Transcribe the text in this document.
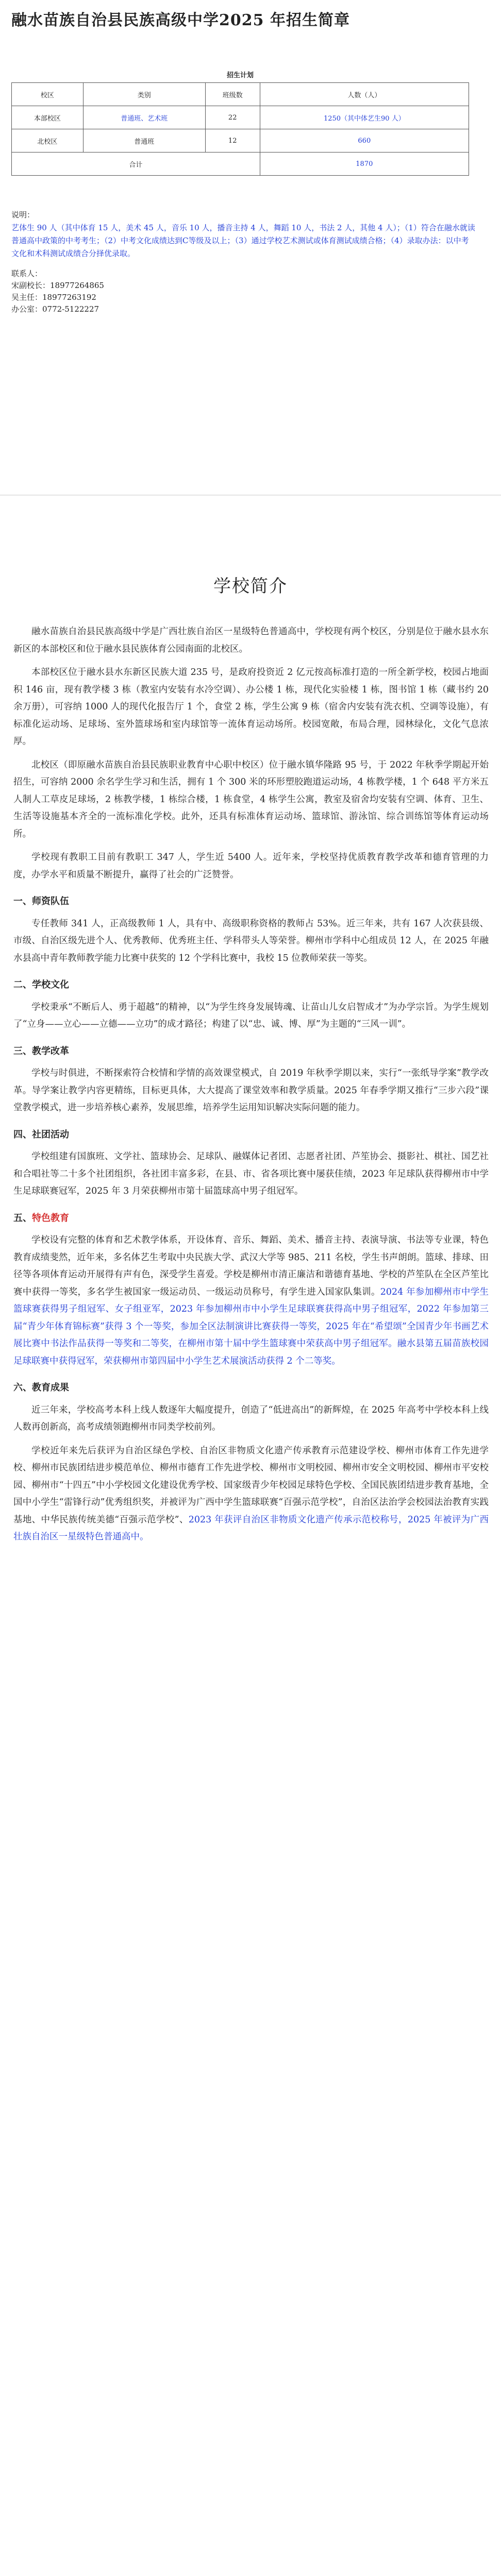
融水苗族自治县民族高级中学2025 年招生简章
招生计划
校区	类别	班级数	人数（人）
本部校区	普通班、艺术班	22	1250（其中体艺生90 人）
北校区	普通班	12	660
合计			1870

说明：

艺体生 90 人（其中体育 15 人，美术 45 人，音乐 10 人，播音主持 4 人，舞蹈 10 人，书法 2 人，其他 4 人）；（1）符合在融水就读普通高中政策的中考考生；（2）中考文化成绩达到C等级及以上；（3）通过学校艺术测试或体育测试成绩合格；（4）录取办法：以中考文化和术科测试成绩合分择优录取。

联系人：

宋副校长：18977264865

吴主任：18977263192

办公室：0772-5122227

学校简介

融水苗族自治县民族高级中学是广西壮族自治区一星级特色普通高中，学校现有两个校区，分别是位于融水县水东新区的本部校区和位于融水县民族体育公园南面的北校区。

本部校区位于融水县水东新区民族大道 235 号，是政府投资近 2 亿元按高标准打造的一所全新学校，校园占地面积 146 亩，现有教学楼 3 栋（教室内安装有水冷空调）、办公楼 1 栋，现代化实验楼 1 栋，图书馆 1 栋（藏书约 20 余万册），可容纳 1000 人的现代化报告厅 1 个，食堂 2 栋，学生公寓 9 栋（宿舍内安装有洗衣机、空调等设施），有标准化运动场、足球场、室外篮球场和室内球馆等一流体育运动场所。校园宽敞，布局合理，园林绿化，文化气息浓厚。

北校区（即原融水苗族自治县民族职业教育中心职中校区）位于融水镇华隆路 95 号，于 2022 年秋季学期起开始招生，可容纳 2000 余名学生学习和生活，拥有 1 个 300 米的环形塑胶跑道运动场，4 栋教学楼，1 个 648 平方米五人制人工草皮足球场，2 栋教学楼，1 栋综合楼，1 栋食堂，4 栋学生公寓，教室及宿舍均安装有空调、体育、卫生、生活等设施基本齐全的一流标准化学校。此外，还具有标准体育运动场、篮球馆、游泳馆、综合训练馆等体育运动场所。

学校现有教职工目前有教职工 347 人，学生近 5400 人。近年来，学校坚持优质教育教学改革和德育管理的力度，办学水平和质量不断提升，赢得了社会的广泛赞誉。

一、师资队伍

专任教师 341 人，正高级教师 1 人，具有中、高级职称资格的教师占 53%。近三年来，共有 167 人次获县级、市级、自治区级先进个人、优秀教师、优秀班主任、学科带头人等荣誉。柳州市学科中心组成员 12 人，在 2025 年融水县高中青年教师教学能力比赛中获奖的 12 个学科比赛中，我校 15 位教师荣获一等奖。

二、学校文化

学校秉承“不断后人、勇于超越”的精神，以“为学生终身发展铸魂、让苗山儿女启智成才”为办学宗旨。为学生规划了“立身——立心——立德——立功”的成才路径；构建了以“忠、诚、博、厚”为主题的“三风一训”。

三、教学改革

学校与时俱进，不断探索符合校情和学情的高效课堂模式，自 2019 年秋季学期以来，实行“一张纸导学案”教学改革。导学案让教学内容更精练，目标更具体，大大提高了课堂效率和教学质量。2025 年春季学期又推行“三步六段”课堂教学模式，进一步培养核心素养，发展思维，培养学生运用知识解决实际问题的能力。

四、社团活动

学校组建有国旗班、文学社、篮球协会、足球队、融媒体记者团、志愿者社团、芦笙协会、摄影社、棋社、国艺社和合唱社等二十多个社团组织，各社团丰富多彩，在县、市、省各项比赛中屡获佳绩，2023 年足球队获得柳州市中学生足球联赛冠军，2025 年 3 月荣获柳州市第十届篮球高中男子组冠军。

五、特色教育

学校设有完整的体育和艺术教学体系，开设体育、音乐、舞蹈、美术、播音主持、表演导演、书法等专业课，特色教育成绩斐然，近年来，多名体艺生考取中央民族大学、武汉大学等 985、211 名校，学生书声朗朗。篮球、排球、田径等各项体育运动开展得有声有色，深受学生喜爱。学校是柳州市清正廉洁和谐德育基地、学校的芦笙队在全区芦笙比赛中获得一等奖，多名学生被国家一级运动员、一级运动员称号，有学生进入国家队集训。2024 年参加柳州市中学生篮球赛获得男子组冠军、女子组亚军，2023 年参加柳州市中小学生足球联赛获得高中男子组冠军，2022 年参加第三届“青少年体育锦标赛”获得 3 个一等奖，参加全区法制演讲比赛获得一等奖，2025 年在“希望颂”全国青少年书画艺术展比赛中书法作品获得一等奖和二等奖，在柳州市第十届中学生篮球赛中荣获高中男子组冠军。融水县第五届苗族校园足球联赛中获得冠军，荣获柳州市第四届中小学生艺术展演活动获得 2 个二等奖。

六、教育成果

近三年来，学校高考本科上线人数逐年大幅度提升，创造了“低进高出”的新辉煌，在 2025 年高考中学校本科上线人数再创新高，高考成绩领跑柳州市同类学校前列。

学校近年来先后获评为自治区绿色学校、自治区非物质文化遗产传承教育示范建设学校、柳州市体育工作先进学校、柳州市民族团结进步模范单位、柳州市德育工作先进学校、柳州市文明校园、柳州市安全文明校园、柳州市平安校园、柳州市“十四五”中小学校园文化建设优秀学校、国家级青少年校园足球特色学校、全国民族团结进步教育基地，全国中小学生“雷锋行动”优秀组织奖，并被评为广西中学生篮球联赛“百强示范学校”，自治区法治学会校园法治教育实践基地、中华民族传统美德“百强示范学校”、2023 年获评自治区非物质文化遗产传承示范校称号，2025 年被评为广西壮族自治区一星级特色普通高中。
